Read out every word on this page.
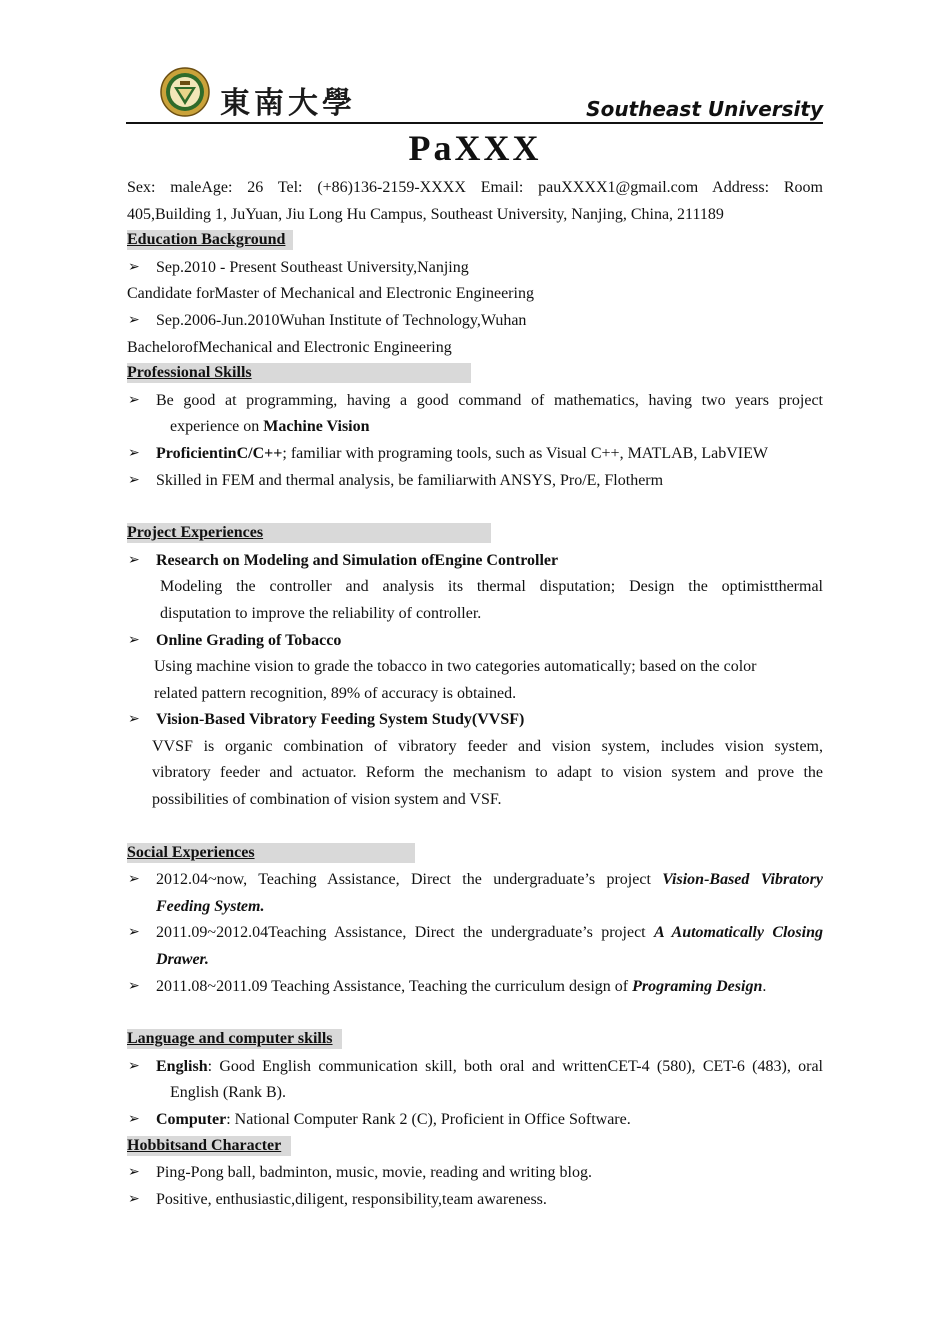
東南大學	Southeast University
PaXXX
Sex: maleAge: 26 Tel: (+86)136-2159-XXXX Email: pauXXXX1@gmail.com Address: Room
405,Building 1, JuYuan, Jiu Long Hu Campus, Southeast University, Nanjing, China, 211189
Education Background
➢ Sep.2010 - Present Southeast University,Nanjing
Candidate forMaster of Mechanical and Electronic Engineering
➢ Sep.2006-Jun.2010Wuhan Institute of Technology,Wuhan
BachelorofMechanical and Electronic Engineering
Professional Skills
➢ Be good at programming, having a good command of mathematics, having two years project
experience on Machine Vision
➢ ProficientinC/C++; familiar with programing tools, such as Visual C++, MATLAB, LabVIEW
➢ Skilled in FEM and thermal analysis, be familiarwith ANSYS, Pro/E, Flotherm
Project Experiences
➢ Research on Modeling and Simulation ofEngine Controller
Modeling the controller and analysis its thermal disputation; Design the optimistthermal
disputation to improve the reliability of controller.
➢ Online Grading of Tobacco
Using machine vision to grade the tobacco in two categories automatically; based on the color
related pattern recognition, 89% of accuracy is obtained.
➢ Vision-Based Vibratory Feeding System Study(VVSF)
VVSF is organic combination of vibratory feeder and vision system, includes vision system,
vibratory feeder and actuator. Reform the mechanism to adapt to vision system and prove the
possibilities of combination of vision system and VSF.
Social Experiences
➢ 2012.04~now, Teaching Assistance, Direct the undergraduate’s project Vision-Based Vibratory
Feeding System.
➢ 2011.09~2012.04Teaching Assistance, Direct the undergraduate’s project A Automatically Closing
Drawer.
➢ 2011.08~2011.09 Teaching Assistance, Teaching the curriculum design of Programing Design.
Language and computer skills
➢ English: Good English communication skill, both oral and writtenCET-4 (580), CET-6 (483), oral
English (Rank B).
➢ Computer: National Computer Rank 2 (C), Proficient in Office Software.
Hobbitsand Character
➢ Ping-Pong ball, badminton, music, movie, reading and writing blog.
➢ Positive, enthusiastic,diligent, responsibility,team awareness.
